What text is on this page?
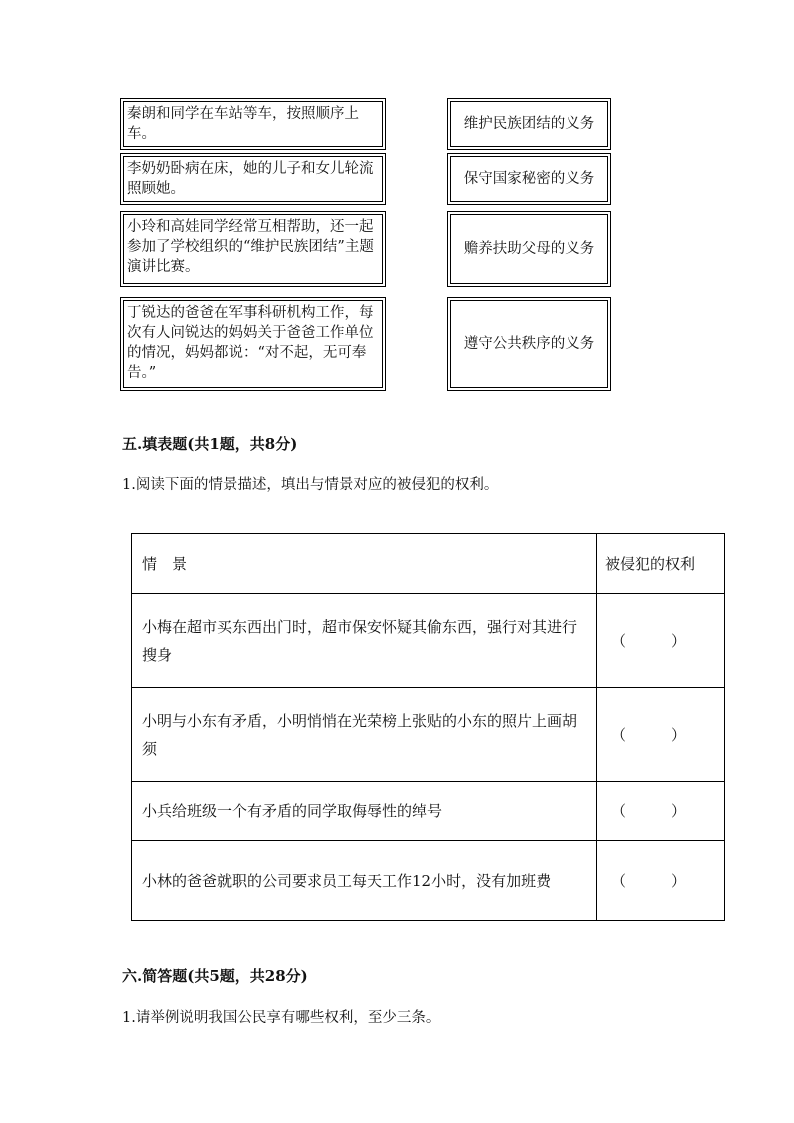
秦朗和同学在车站等车，按照顺序上车。
李奶奶卧病在床，她的儿子和女儿轮流照顾她。
小玲和高娃同学经常互相帮助，还一起参加了学校组织的“维护民族团结”主题演讲比赛。
丁锐达的爸爸在军事科研机构工作，每次有人问锐达的妈妈关于爸爸工作单位的情况，妈妈都说：“对不起，无可奉告。”
维护民族团结的义务
保守国家秘密的义务
赡养扶助父母的义务
遵守公共秩序的义务
五.填表题(共1题，共8分)
1.阅读下面的情景描述，填出与情景对应的被侵犯的权利。
情　景	被侵犯的权利
小梅在超市买东西出门时，超市保安怀疑其偷东西，强行对其进行搜身	（　　　）
小明与小东有矛盾，小明悄悄在光荣榜上张贴的小东的照片上画胡须	（　　　）
小兵给班级一个有矛盾的同学取侮辱性的绰号	（　　　）
小林的爸爸就职的公司要求员工每天工作12小时，没有加班费	（　　　）
六.简答题(共5题，共28分)
1.请举例说明我国公民享有哪些权利，至少三条。
